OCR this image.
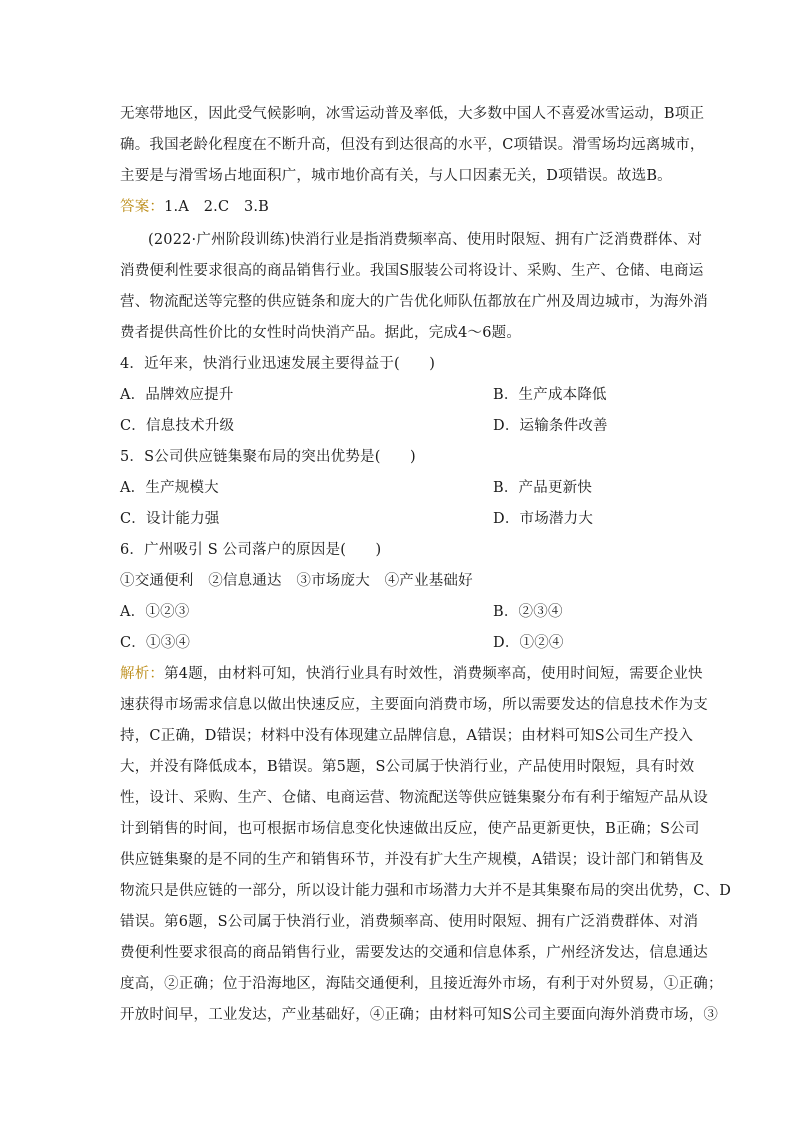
无寒带地区，因此受气候影响，冰雪运动普及率低，大多数中国人不喜爱冰雪运动，B项正
确。我国老龄化程度在不断升高，但没有到达很高的水平，C项错误。滑雪场均远离城市，
主要是与滑雪场占地面积广，城市地价高有关，与人口因素无关，D项错误。故选B。
答案：1.A　2.C　3.B
(2022·广州阶段训练)快消行业是指消费频率高、使用时限短、拥有广泛消费群体、对
消费便利性要求很高的商品销售行业。我国S服装公司将设计、采购、生产、仓储、电商运
营、物流配送等完整的供应链条和庞大的广告优化师队伍都放在广州及周边城市，为海外消
费者提供高性价比的女性时尚快消产品。据此，完成4～6题。
4．近年来，快消行业迅速发展主要得益于(　　)
A．品牌效应提升	B．生产成本降低
C．信息技术升级	D．运输条件改善
5．S公司供应链集聚布局的突出优势是(　　)
A．生产规模大	B．产品更新快
C．设计能力强	D．市场潜力大
6．广州吸引 S 公司落户的原因是(　　)
①交通便利　②信息通达　③市场庞大　④产业基础好
A．①②③	B．②③④
C．①③④	D．①②④
解析：第4题，由材料可知，快消行业具有时效性，消费频率高，使用时间短，需要企业快
速获得市场需求信息以做出快速反应，主要面向消费市场，所以需要发达的信息技术作为支
持，C正确，D错误；材料中没有体现建立品牌信息，A错误；由材料可知S公司生产投入
大，并没有降低成本，B错误。第5题，S公司属于快消行业，产品使用时限短，具有时效
性，设计、采购、生产、仓储、电商运营、物流配送等供应链集聚分布有利于缩短产品从设
计到销售的时间，也可根据市场信息变化快速做出反应，使产品更新更快，B正确；S公司
供应链集聚的是不同的生产和销售环节，并没有扩大生产规模，A错误；设计部门和销售及
物流只是供应链的一部分，所以设计能力强和市场潜力大并不是其集聚布局的突出优势，C、D
错误。第6题，S公司属于快消行业，消费频率高、使用时限短、拥有广泛消费群体、对消
费便利性要求很高的商品销售行业，需要发达的交通和信息体系，广州经济发达，信息通达
度高，②正确；位于沿海地区，海陆交通便利，且接近海外市场，有利于对外贸易，①正确；
开放时间早，工业发达，产业基础好，④正确；由材料可知S公司主要面向海外消费市场，③
